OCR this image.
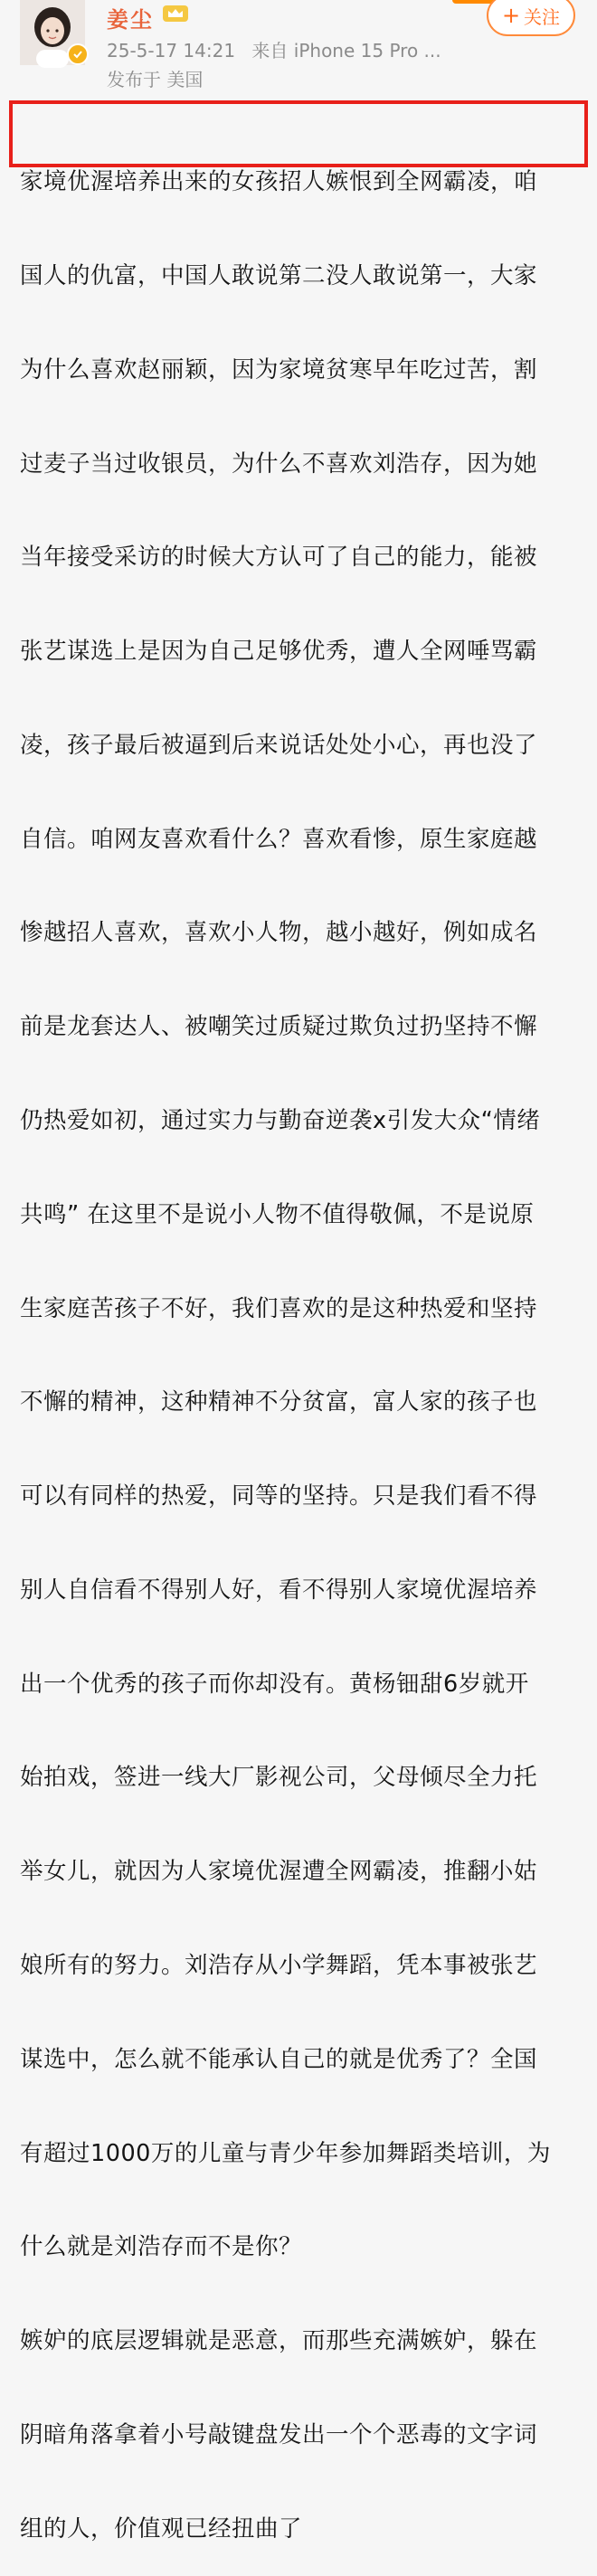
姜尘
25-5-17 14:21 来自 iPhone 15 Pro ...
发布于 美国
+ 关注

家境优渥培养出来的女孩招人嫉恨到全网霸凌，咱

国人的仇富，中国人敢说第二没人敢说第一，大家

为什么喜欢赵丽颖，因为家境贫寒早年吃过苦，割

过麦子当过收银员，为什么不喜欢刘浩存，因为她

当年接受采访的时候大方认可了自己的能力，能被

张艺谋选上是因为自己足够优秀，遭人全网唾骂霸

凌，孩子最后被逼到后来说话处处小心，再也没了

自信。咱网友喜欢看什么？喜欢看惨，原生家庭越

惨越招人喜欢，喜欢小人物，越小越好，例如成名

前是龙套达人、被嘲笑过质疑过欺负过扔坚持不懈

仍热爱如初，通过实力与勤奋逆袭x引发大众“情绪

共鸣” 在这里不是说小人物不值得敬佩，不是说原

生家庭苦孩子不好，我们喜欢的是这种热爱和坚持

不懈的精神，这种精神不分贫富，富人家的孩子也

可以有同样的热爱，同等的坚持。只是我们看不得

别人自信看不得别人好，看不得别人家境优渥培养

出一个优秀的孩子而你却没有。黄杨钿甜6岁就开

始拍戏，签进一线大厂影视公司，父母倾尽全力托

举女儿，就因为人家境优渥遭全网霸凌，推翻小姑

娘所有的努力。刘浩存从小学舞蹈，凭本事被张艺

谋选中，怎么就不能承认自己的就是优秀了？全国

有超过1000万的儿童与青少年参加舞蹈类培训，为

什么就是刘浩存而不是你？

嫉妒的底层逻辑就是恶意，而那些充满嫉妒，躲在

阴暗角落拿着小号敲键盘发出一个个恶毒的文字词

组的人，价值观已经扭曲了
